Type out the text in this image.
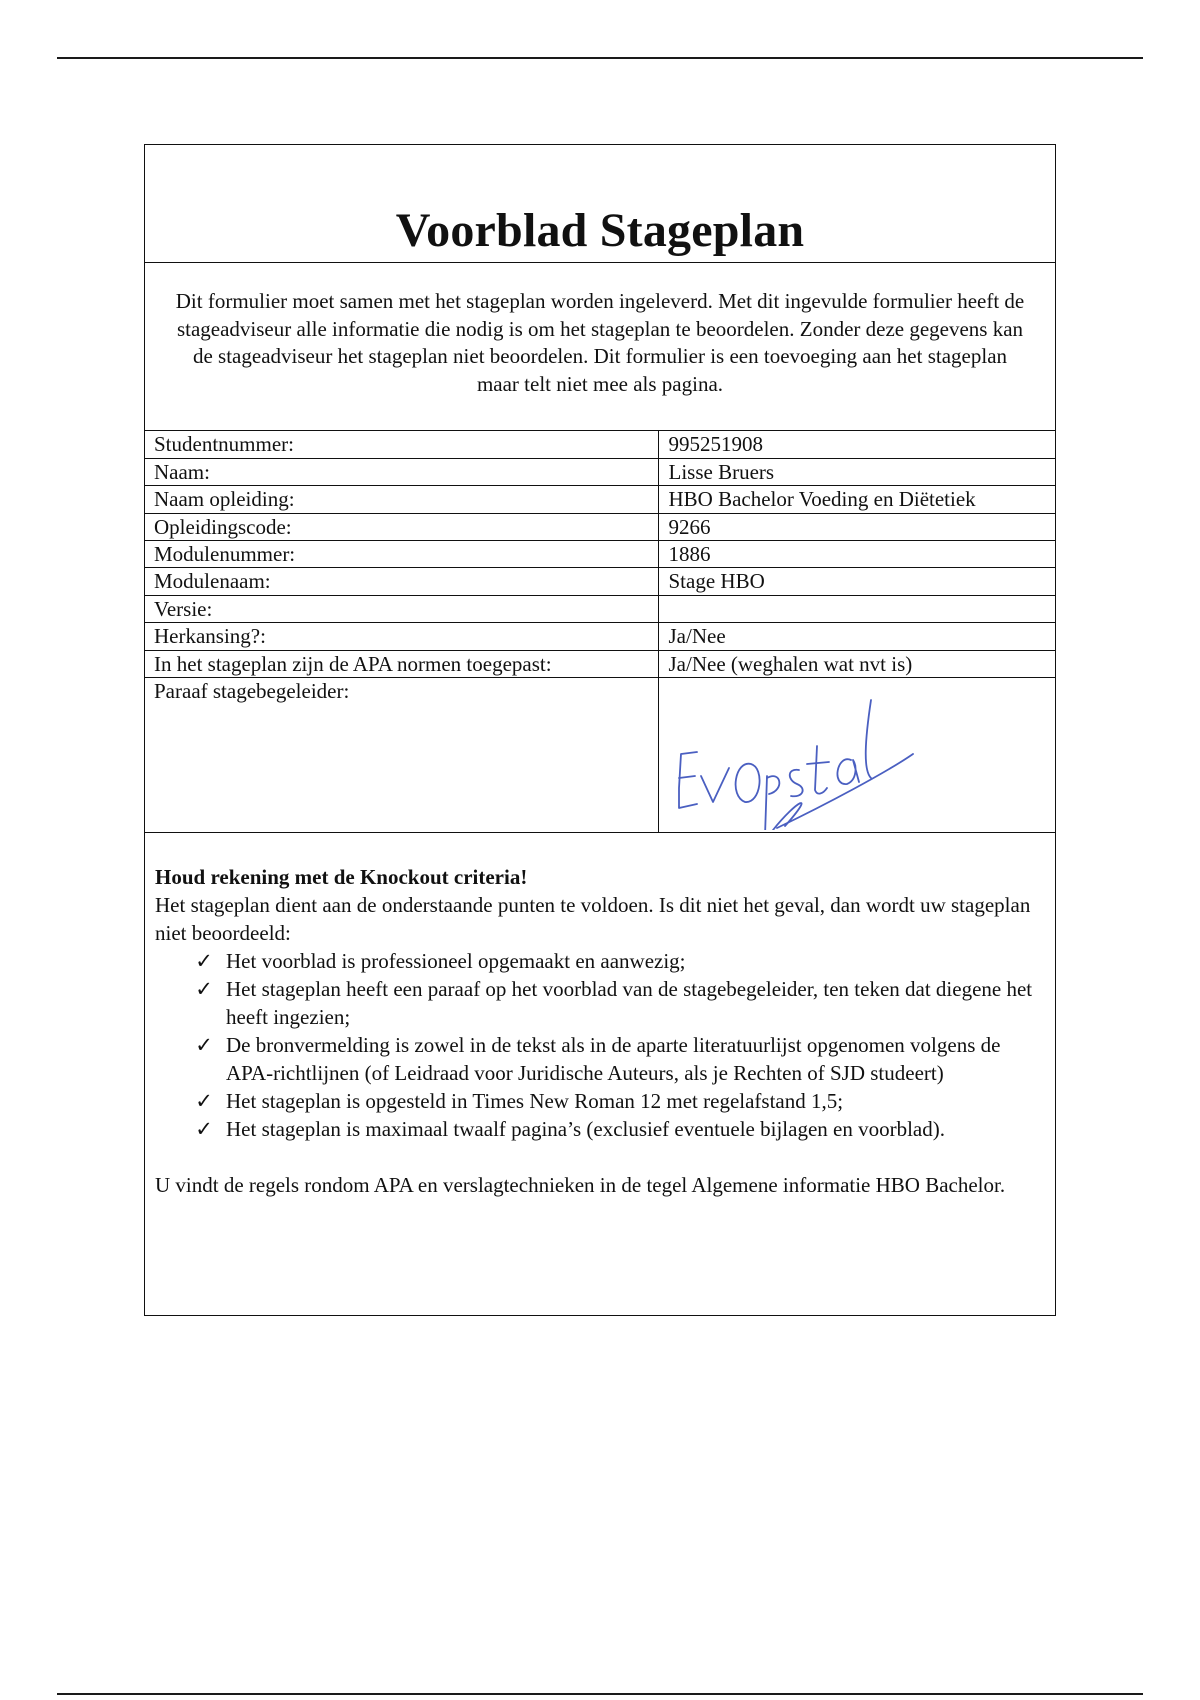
Voorblad Stageplan
Dit formulier moet samen met het stageplan worden ingeleverd. Met dit ingevulde formulier heeft de stageadviseur alle informatie die nodig is om het stageplan te beoordelen. Zonder deze gegevens kan de stageadviseur het stageplan niet beoordelen. Dit formulier is een toevoeging aan het stageplan maar telt niet mee als pagina.
Studentnummer:	995251908
Naam:	Lisse Bruers
Naam opleiding:	HBO Bachelor Voeding en Diëtetiek
Opleidingscode:	9266
Modulenummer:	1886
Modulenaam:	Stage HBO
Versie:	
Herkansing?:	Ja/Nee
In het stageplan zijn de APA normen toegepast:	Ja/Nee (weghalen wat nvt is)
Paraaf stagebegeleider:	
Houd rekening met de Knockout criteria!
Het stageplan dient aan de onderstaande punten te voldoen. Is dit niet het geval, dan wordt uw stageplan niet beoordeeld:
✓ Het voorblad is professioneel opgemaakt en aanwezig;
✓ Het stageplan heeft een paraaf op het voorblad van de stagebegeleider, ten teken dat diegene het heeft ingezien;
✓ De bronvermelding is zowel in de tekst als in de aparte literatuurlijst opgenomen volgens de APA-richtlijnen (of Leidraad voor Juridische Auteurs, als je Rechten of SJD studeert)
✓ Het stageplan is opgesteld in Times New Roman 12 met regelafstand 1,5;
✓ Het stageplan is maximaal twaalf pagina’s (exclusief eventuele bijlagen en voorblad).
U vindt de regels rondom APA en verslagtechnieken in de tegel Algemene informatie HBO Bachelor.
